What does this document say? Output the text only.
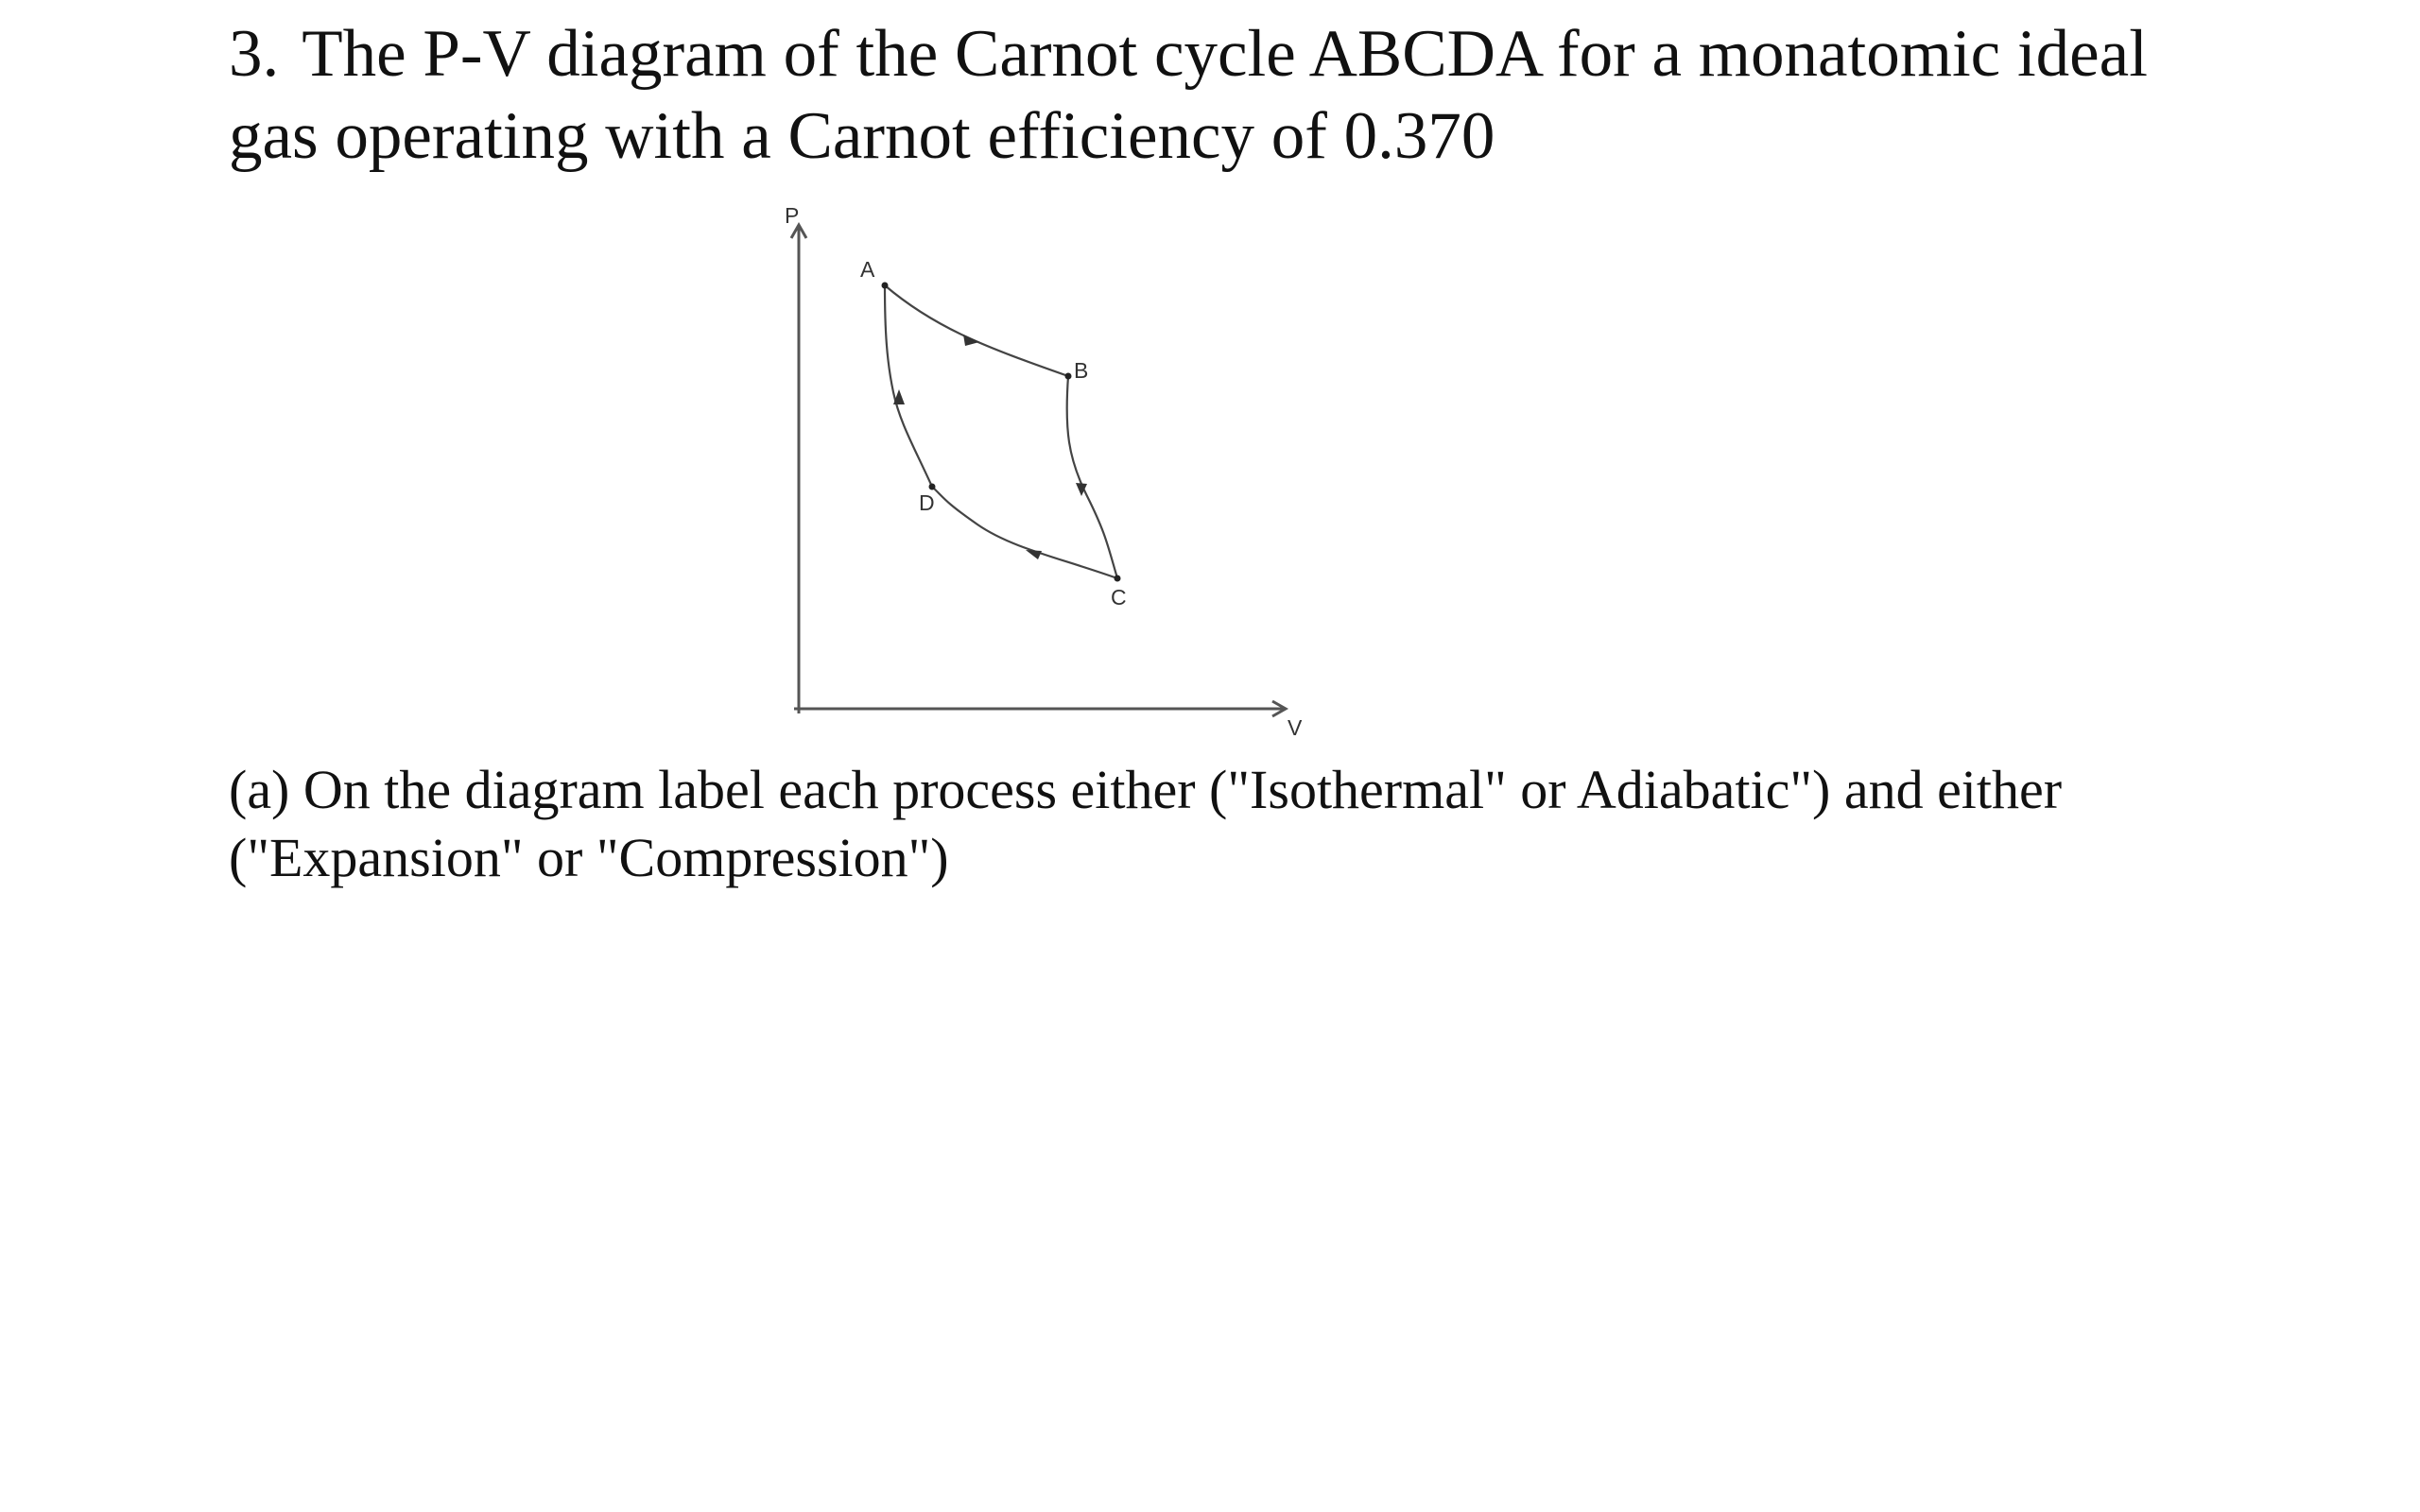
3. The P-V diagram of the Carnot cycle ABCDA for a monatomic ideal
gas operating with a Carnot efficiency of 0.370
P
V
A
B
C
D
(a) On the diagram label each process either ("Isothermal" or Adiabatic") and either
("Expansion" or "Compression")
